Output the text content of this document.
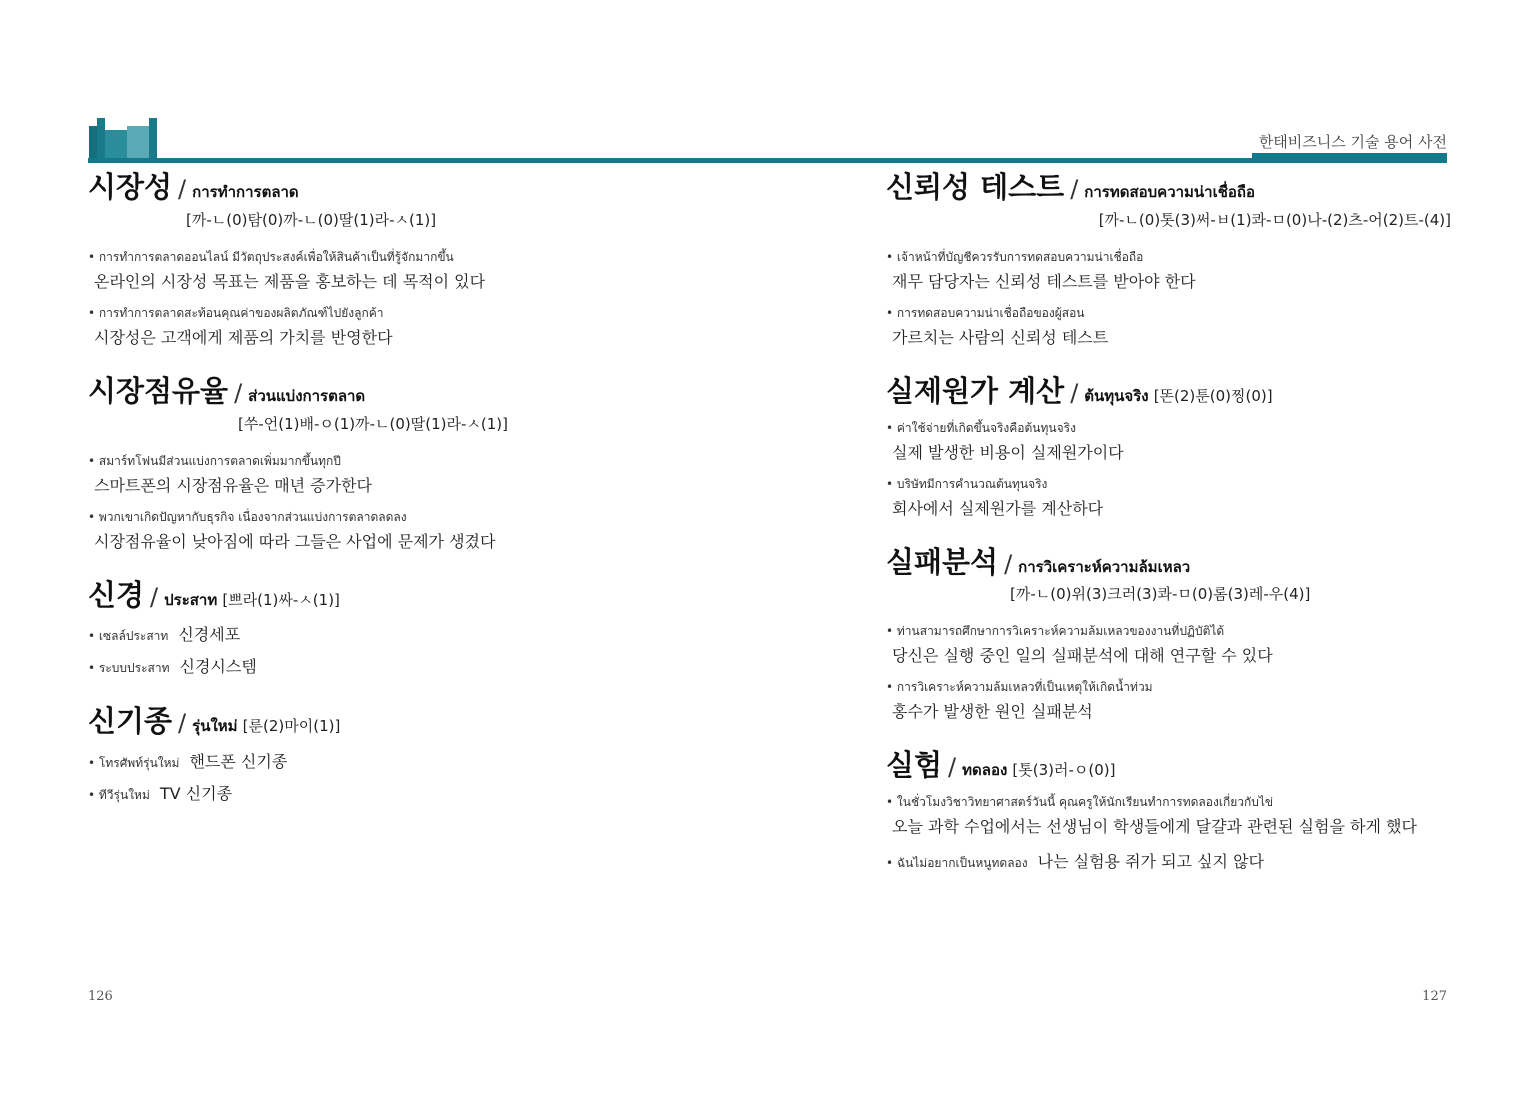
한태비즈니스 기술 용어 사전
시장성 / การทำการตลาด
[까-ㄴ(0)탐(0)까-ㄴ(0)딸(1)라-ㅅ(1)]
• การทำการตลาดออนไลน์ มีวัตถุประสงค์เพื่อให้สินค้าเป็นที่รู้จักมากขึ้น
온라인의 시장성 목표는 제품을 홍보하는 데 목적이 있다
• การทำการตลาดสะท้อนคุณค่าของผลิตภัณฑ์ไปยังลูกค้า
시장성은 고객에게 제품의 가치를 반영한다
시장점유율 / ส่วนแบ่งการตลาด
[쑤-언(1)배-ㅇ(1)까-ㄴ(0)딸(1)라-ㅅ(1)]
• สมาร์ทโฟนมีส่วนแบ่งการตลาดเพิ่มมากขึ้นทุกปี
스마트폰의 시장점유율은 매년 증가한다
• พวกเขาเกิดปัญหากับธุรกิจ เนื่องจากส่วนแบ่งการตลาดลดลง
시장점유율이 낮아짐에 따라 그들은 사업에 문제가 생겼다
신경 / ประสาท [쁘라(1)싸-ㅅ(1)]
• เซลล์ประสาท 신경세포
• ระบบประสาท 신경시스템
신기종 / รุ่นใหม่ [룬(2)마이(1)]
• โทรศัพท์รุ่นใหม่ 핸드폰 신기종
• ทีวีรุ่นใหม่ TV 신기종
신뢰성 테스트 / การทดสอบความน่าเชื่อถือ
[까-ㄴ(0)톳(3)써-ㅂ(1)콰-ㅁ(0)나-(2)츠-어(2)트-(4)]
• เจ้าหน้าที่บัญชีควรรับการทดสอบความน่าเชื่อถือ
재무 담당자는 신뢰성 테스트를 받아야 한다
• การทดสอบความน่าเชื่อถือของผู้สอน
가르치는 사람의 신뢰성 테스트
실제원가 계산 / ต้นทุนจริง [똔(2)툰(0)찡(0)]
• ค่าใช้จ่ายที่เกิดขึ้นจริงคือต้นทุนจริง
실제 발생한 비용이 실제원가이다
• บริษัทมีการคำนวณต้นทุนจริง
회사에서 실제원가를 계산하다
실패분석 / การวิเคราะห์ความล้มเหลว
[까-ㄴ(0)위(3)크러(3)콰-ㅁ(0)롬(3)레-우(4)]
• ท่านสามารถศึกษาการวิเคราะห์ความล้มเหลวของงานที่ปฏิบัติได้
당신은 실행 중인 일의 실패분석에 대해 연구할 수 있다
• การวิเคราะห์ความล้มเหลวที่เป็นเหตุให้เกิดน้ำท่วม
홍수가 발생한 원인 실패분석
실험 / ทดลอง [톳(3)러-ㅇ(0)]
• ในชั่วโมงวิชาวิทยาศาสตร์วันนี้ คุณครูให้นักเรียนทำการทดลองเกี่ยวกับไข่
오늘 과학 수업에서는 선생님이 학생들에게 달걀과 관련된 실험을 하게 했다
• ฉันไม่อยากเป็นหนูทดลอง 나는 실험용 쥐가 되고 싶지 않다
126	127
